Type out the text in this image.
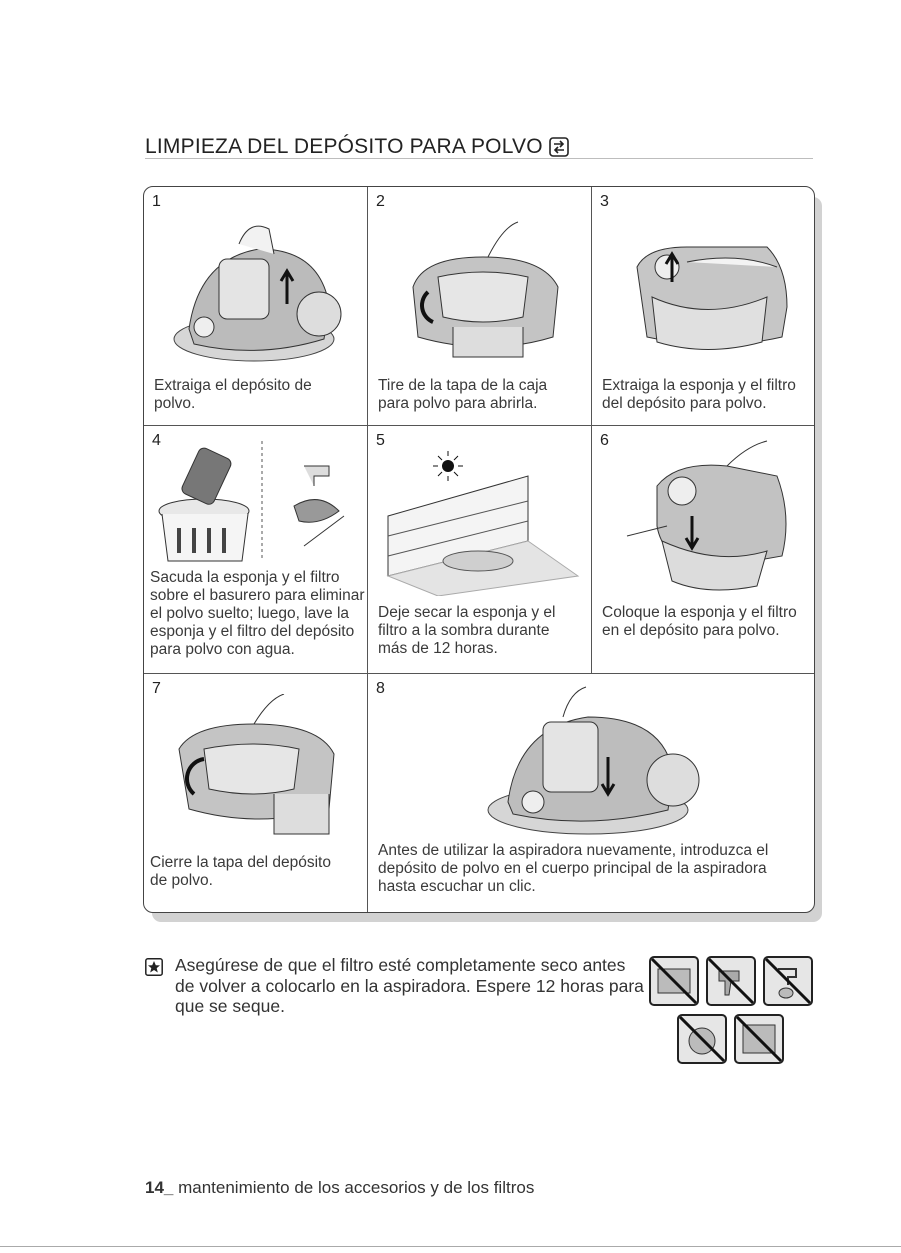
LIMPIEZA DEL DEPÓSITO PARA POLVO
1
Extraiga el depósito de polvo.
2
Tire de la tapa de la caja para polvo para abrirla.
3
Extraiga la esponja y el filtro del depósito para polvo.
4
Sacuda la esponja y el filtro sobre el basurero para eliminar el polvo suelto; luego, lave la esponja y el filtro del depósito para polvo con agua.
5
Deje secar la esponja y el filtro a la sombra durante más de 12 horas.
6
Coloque la esponja y el filtro en el depósito para polvo.
7
Cierre la tapa del depósito de polvo.
8
Antes de utilizar la aspiradora nuevamente, introduzca el depósito de polvo en el cuerpo principal de la aspiradora hasta escuchar un clic.
Asegúrese de que el filtro esté completamente seco antes de volver a colocarlo en la aspiradora. Espere 12 horas para que se seque.
14_ mantenimiento de los accesorios y de los filtros
